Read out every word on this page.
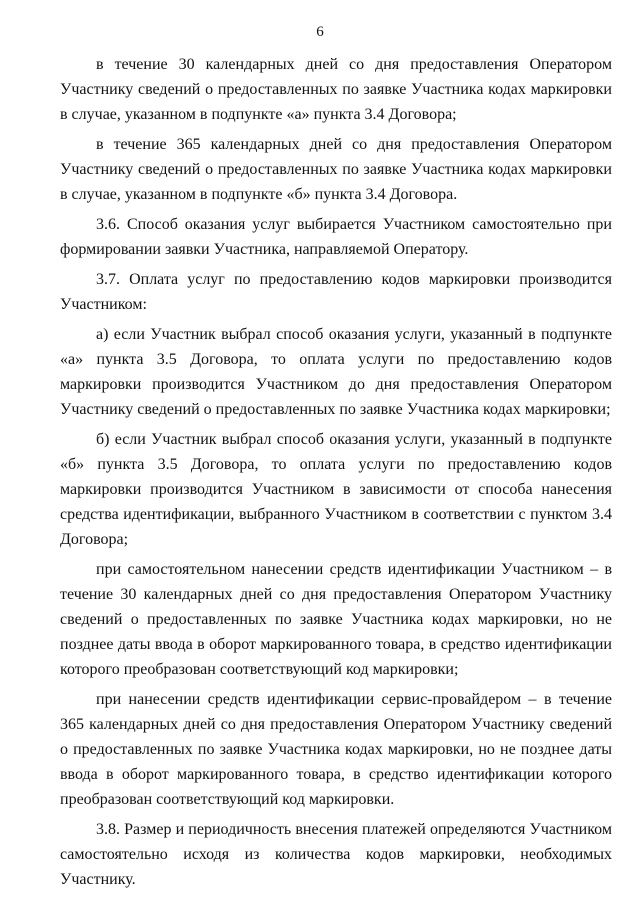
6

в течение 30 календарных дней со дня предоставления Оператором Участнику сведений о предоставленных по заявке Участника кодах маркировки в случае, указанном в подпункте «а» пункта 3.4 Договора;

в течение 365 календарных дней со дня предоставления Оператором Участнику сведений о предоставленных по заявке Участника кодах маркировки в случае, указанном в подпункте «б» пункта 3.4 Договора.

3.6. Способ оказания услуг выбирается Участником самостоятельно при формировании заявки Участника, направляемой Оператору.

3.7. Оплата услуг по предоставлению кодов маркировки производится Участником:

а) если Участник выбрал способ оказания услуги, указанный в подпункте «а» пункта 3.5 Договора, то оплата услуги по предоставлению кодов маркировки производится Участником до дня предоставления Оператором Участнику сведений о предоставленных по заявке Участника кодах маркировки;

б) если Участник выбрал способ оказания услуги, указанный в подпункте «б» пункта 3.5 Договора, то оплата услуги по предоставлению кодов маркировки производится Участником в зависимости от способа нанесения средства идентификации, выбранного Участником в соответствии с пунктом 3.4 Договора;

при самостоятельном нанесении средств идентификации Участником – в течение 30 календарных дней со дня предоставления Оператором Участнику сведений о предоставленных по заявке Участника кодах маркировки, но не позднее даты ввода в оборот маркированного товара, в средство идентификации которого преобразован соответствующий код маркировки;

при нанесении средств идентификации сервис-провайдером – в течение 365 календарных дней со дня предоставления Оператором Участнику сведений о предоставленных по заявке Участника кодах маркировки, но не позднее даты ввода в оборот маркированного товара, в средство идентификации которого преобразован соответствующий код маркировки.

3.8. Размер и периодичность внесения платежей определяются Участником самостоятельно исходя из количества кодов маркировки, необходимых Участнику.
